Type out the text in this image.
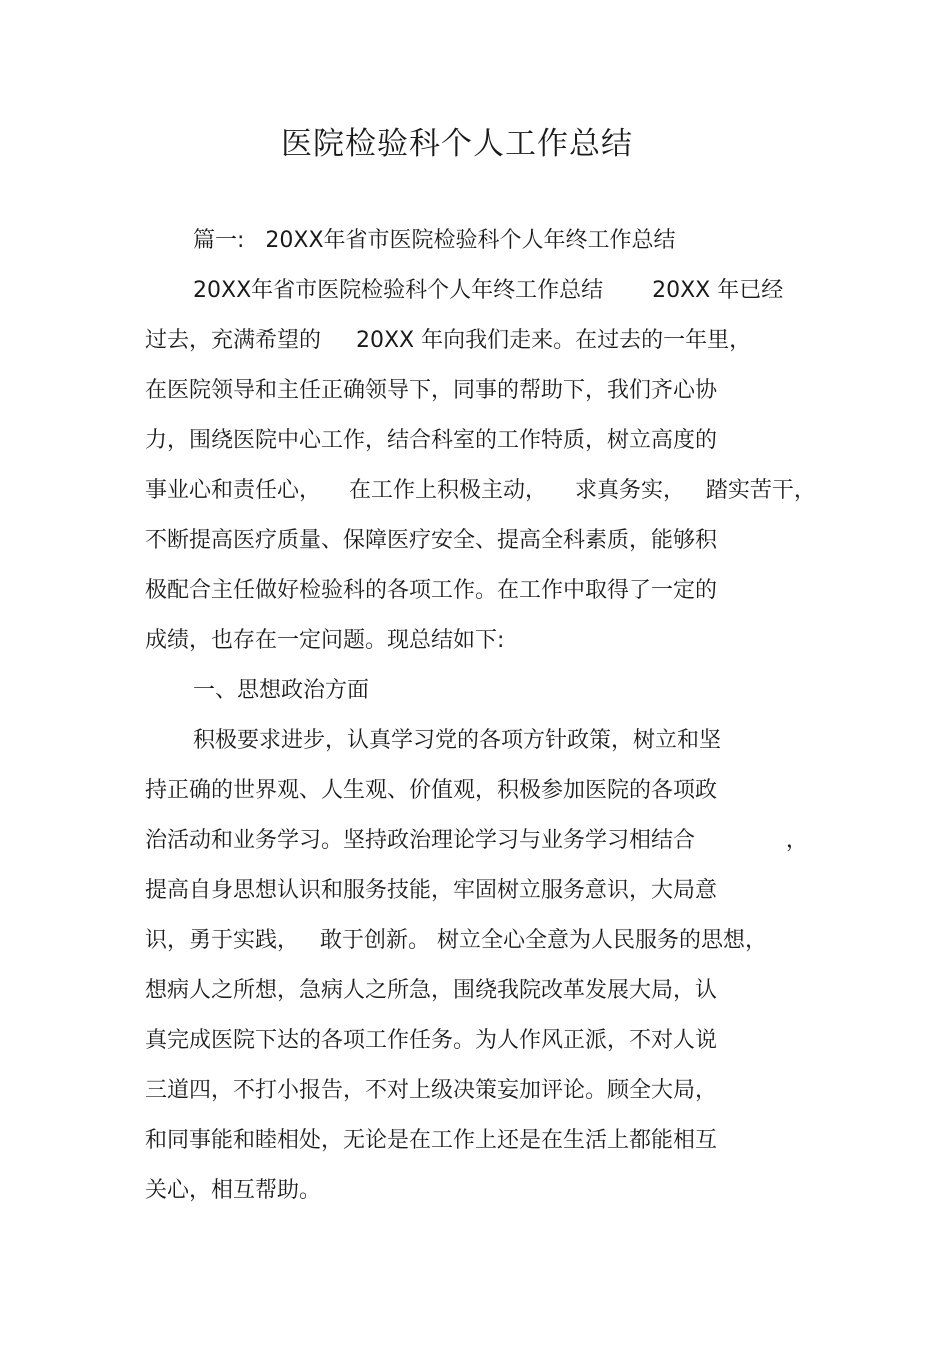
医院检验科个人工作总结

篇一:   20XX年省市医院检验科个人年终工作总结

20XX年省市医院检验科个人年终工作总结       20XX 年已经

过去，充满希望的     20XX 年向我们走来。在过去的一年里，

在医院领导和主任正确领导下，同事的帮助下，我们齐心协

力，围绕医院中心工作，结合科室的工作特质，树立高度的

事业心和责任心，    在工作上积极主动，    求真务实，   踏实苦干，

不断提高医疗质量、保障医疗安全、提高全科素质，能够积

极配合主任做好检验科的各项工作。在工作中取得了一定的

成绩，也存在一定问题。现总结如下:

一、思想政治方面

积极要求进步，认真学习党的各项方针政策，树立和坚

持正确的世界观、人生观、价值观，积极参加医院的各项政

治活动和业务学习。坚持政治理论学习与业务学习相结合             ，

提高自身思想认识和服务技能，牢固树立服务意识，大局意

识，勇于实践，   敢于创新。 树立全心全意为人民服务的思想，

想病人之所想，急病人之所急，围绕我院改革发展大局，认

真完成医院下达的各项工作任务。为人作风正派，不对人说

三道四，不打小报告，不对上级决策妄加评论。顾全大局，

和同事能和睦相处，无论是在工作上还是在生活上都能相互

关心，相互帮助。
